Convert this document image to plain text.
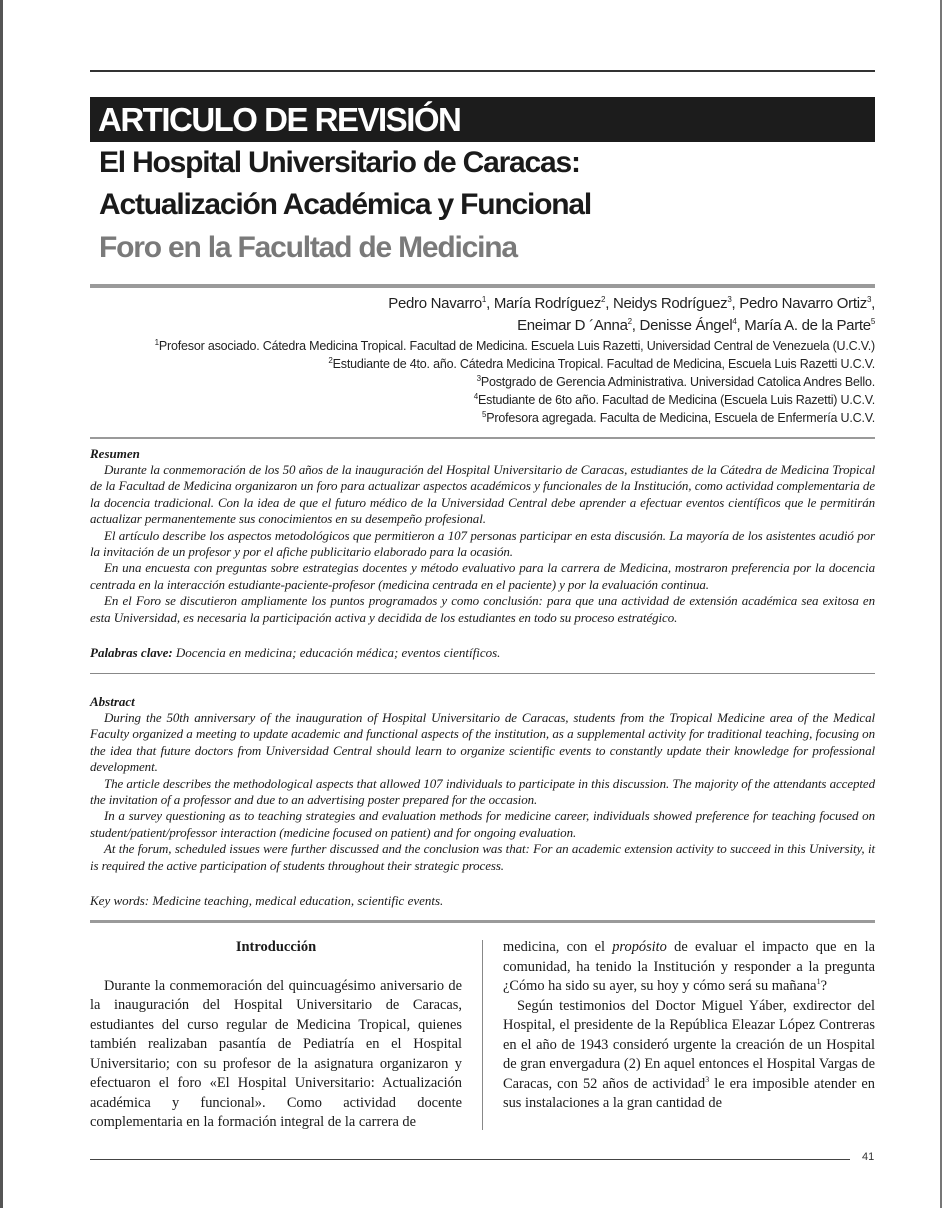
ARTICULO DE REVISIÓN
El Hospital Universitario de Caracas:
Actualización Académica y Funcional
Foro en la Facultad de Medicina
Pedro Navarro$^1$, María Rodríguez$^2$, Neidys Rodríguez$^3$, Pedro Navarro Ortiz$^3$,
Eneimar D ´Anna$^2$, Denisse Ángel$^4$, María A. de la Parte$^5$
$^1$Profesor asociado. Cátedra Medicina Tropical. Facultad de Medicina. Escuela Luis Razetti, Universidad Central de Venezuela (U.C.V.)
$^2$Estudiante de 4to. año. Cátedra Medicina Tropical. Facultad de Medicina, Escuela Luis Razetti U.C.V.
$^3$Postgrado de Gerencia Administrativa. Universidad Catolica Andres Bello.
$^4$Estudiante de 6to año. Facultad de Medicina (Escuela Luis Razetti) U.C.V.
$^5$Profesora agregada. Faculta de Medicina, Escuela de Enfermería U.C.V.
Resumen

Durante la conmemoración de los 50 años de la inauguración del Hospital Universitario de Caracas, estudiantes de la Cátedra de Medicina Tropical de la Facultad de Medicina organizaron un foro para actualizar aspectos académicos y funcionales de la Institución, como actividad complementaria de la docencia tradicional. Con la idea de que el futuro médico de la Universidad Central debe aprender a efectuar eventos científicos que le permitirán actualizar permanentemente sus conocimientos en su desempeño profesional.

El artículo describe los aspectos metodológicos que permitieron a 107 personas participar en esta discusión. La mayoría de los asistentes acudió por la invitación de un profesor y por el afiche publicitario elaborado para la ocasión.

En una encuesta con preguntas sobre estrategias docentes y método evaluativo para la carrera de Medicina, mostraron preferencia por la docencia centrada en la interacción estudiante-paciente-profesor (medicina centrada en el paciente) y por la evaluación continua.

En el Foro se discutieron ampliamente los puntos programados y como conclusión: para que una actividad de extensión académica sea exitosa en esta Universidad, es necesaria la participación activa y decidida de los estudiantes en todo su proceso estratégico.

Palabras clave: Docencia en medicina; educación médica; eventos científicos.
Abstract

During the 50th anniversary of the inauguration of Hospital Universitario de Caracas, students from the Tropical Medicine area of the Medical Faculty organized a meeting to update academic and functional aspects of the institution, as a supplemental activity for traditional teaching, focusing on the idea that future doctors from Universidad Central should learn to organize scientific events to constantly update their knowledge for professional development.

The article describes the methodological aspects that allowed 107 individuals to participate in this discussion. The majority of the attendants accepted the invitation of a professor and due to an advertising poster prepared for the occasion.

In a survey questioning as to teaching strategies and evaluation methods for medicine career, individuals showed preference for teaching focused on student/patient/professor interaction (medicine focused on patient) and for ongoing evaluation.

At the forum, scheduled issues were further discussed and the conclusion was that: For an academic extension activity to succeed in this University, it is required the active participation of students throughout their strategic process.

Key words: Medicine teaching, medical education, scientific events.

Introducción

Durante la conmemoración del quincuagésimo aniversario de la inauguración del Hospital Universitario de Caracas, estudiantes del curso regular de Medicina Tropical, quienes también realizaban pasantía de Pediatría en el Hospital Universitario; con su profesor de la asignatura organizaron y efectuaron el foro «El Hospital Universitario: Actualización académica y funcional». Como actividad docente complementaria en la formación integral de la carrera de

medicina, con el propósito de evaluar el impacto que en la comunidad, ha tenido la Institución y responder a la pregunta ¿Cómo ha sido su ayer, su hoy y cómo será su mañana$^1$?

Según testimonios del Doctor Miguel Yáber, exdirector del Hospital, el presidente de la República Eleazar López Contreras en el año de 1943 consideró urgente la creación de un Hospital de gran envergadura (2) En aquel entonces el Hospital Vargas de Caracas, con 52 años de actividad$^3$ le era imposible atender en sus instalaciones a la gran cantidad de

41
